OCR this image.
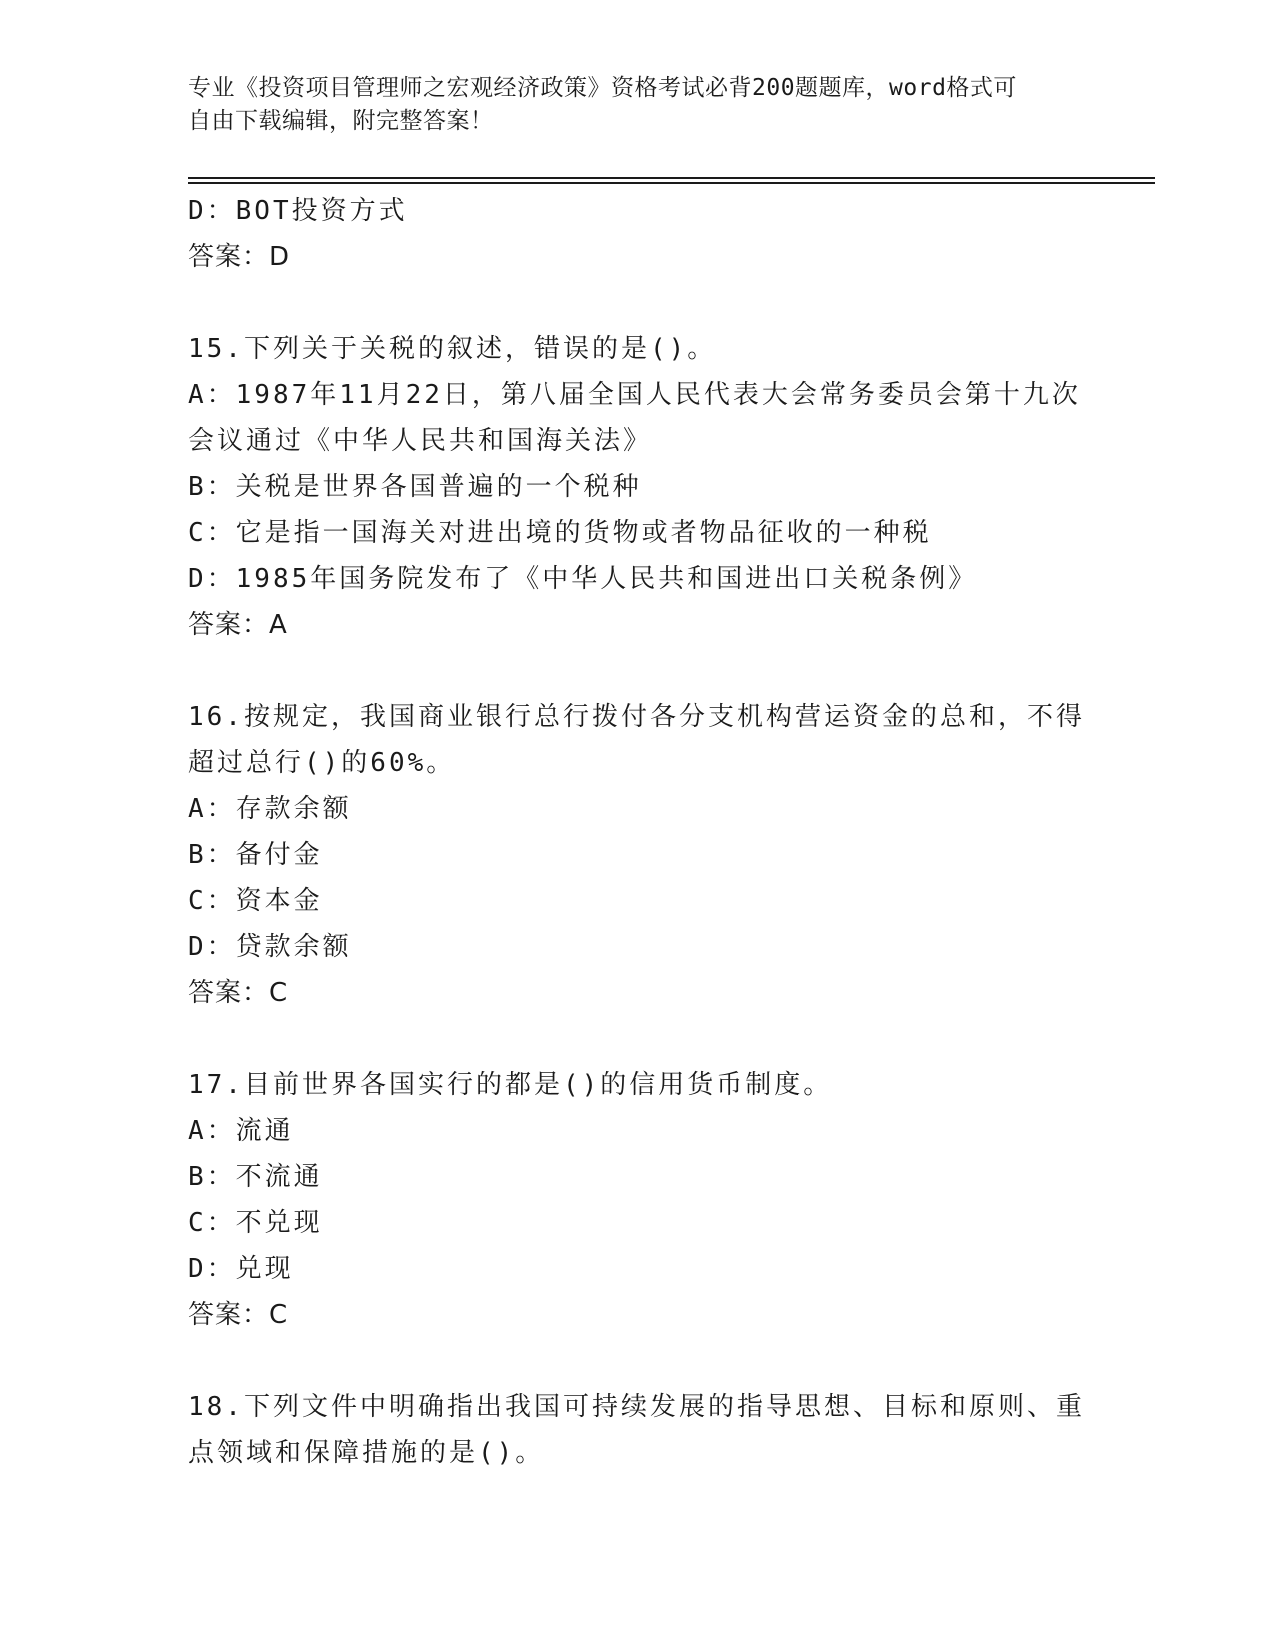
专业《投资项目管理师之宏观经济政策》资格考试必背200题题库，word格式可
自由下载编辑，附完整答案！
D：BOT投资方式
答案：D
15.下列关于关税的叙述，错误的是()。
A：1987年11月22日，第八届全国人民代表大会常务委员会第十九次
会议通过《中华人民共和国海关法》
B：关税是世界各国普遍的一个税种
C：它是指一国海关对进出境的货物或者物品征收的一种税
D：1985年国务院发布了《中华人民共和国进出口关税条例》
答案：A
16.按规定，我国商业银行总行拨付各分支机构营运资金的总和，不得
超过总行()的60%。
A：存款余额
B：备付金
C：资本金
D：贷款余额
答案：C
17.目前世界各国实行的都是()的信用货币制度。
A：流通
B：不流通
C：不兑现
D：兑现
答案：C
18.下列文件中明确指出我国可持续发展的指导思想、目标和原则、重
点领域和保障措施的是()。
